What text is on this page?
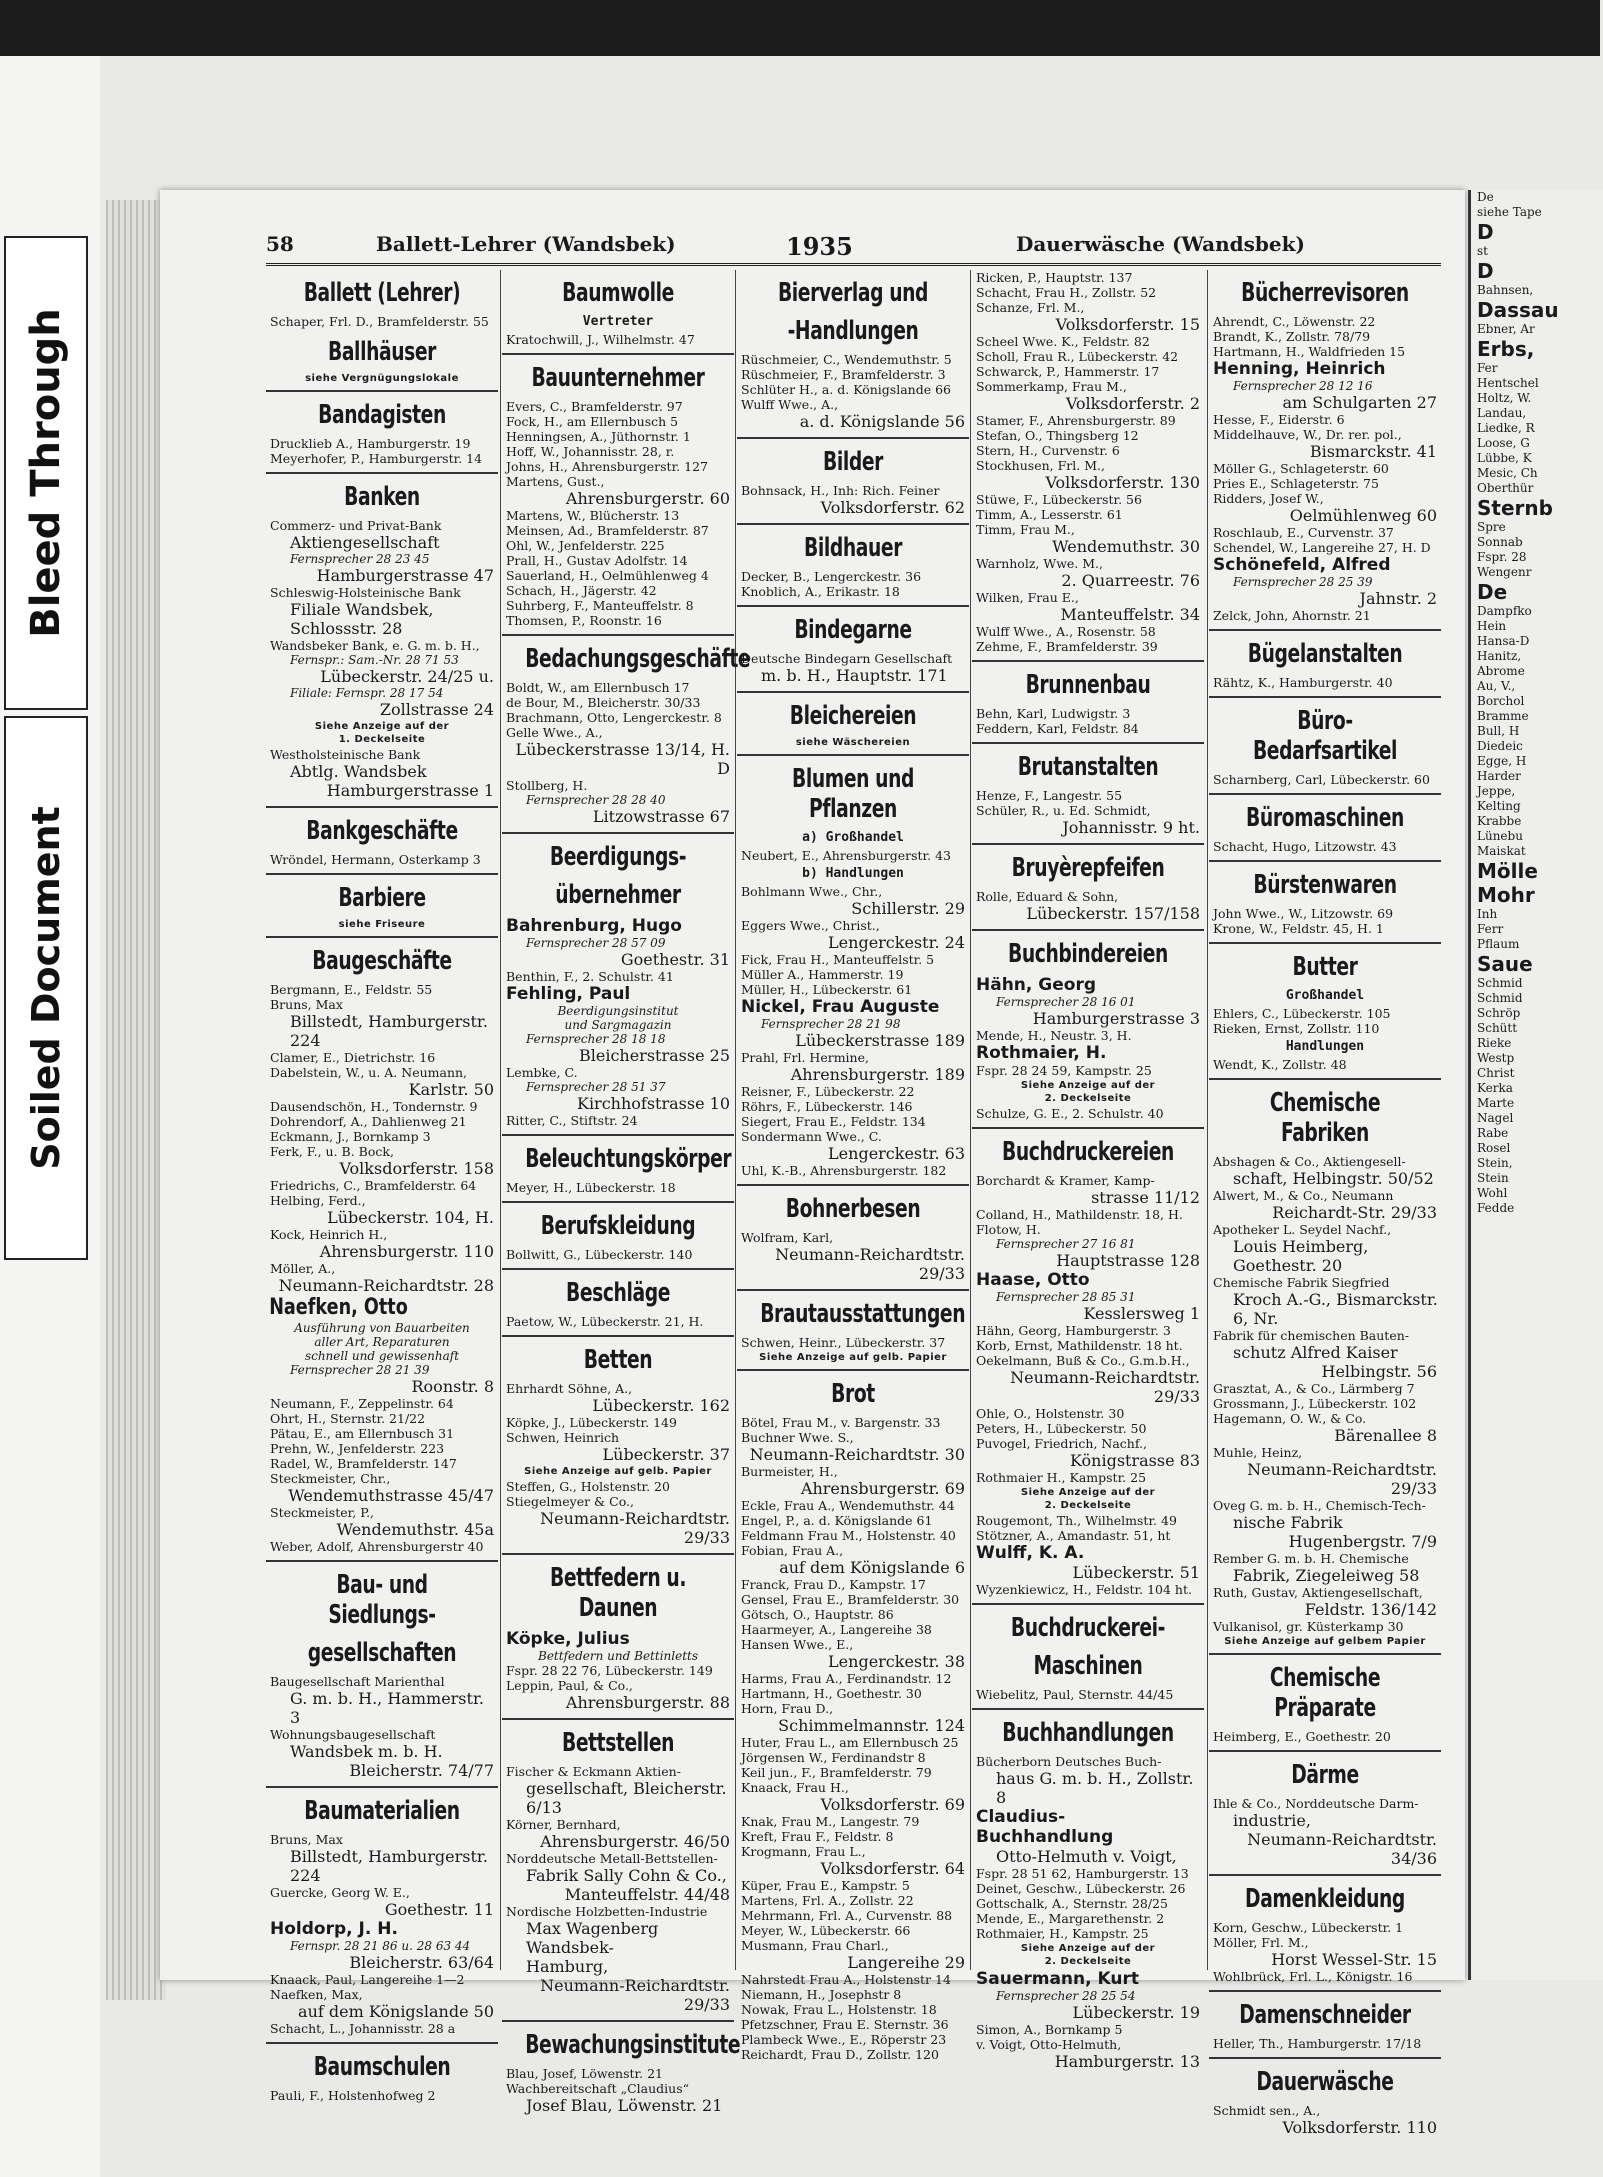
Bleed Through
Soiled Document
58	Ballett-Lehrer (Wandsbek)	1935	Dauerwäsche (Wandsbek)
Ballett (Lehrer)
Schaper, Frl. D., Bramfelderstr. 55
Ballhäuser
siehe Vergnügungslokale
Bandagisten
Drucklieb A., Hamburgerstr. 19
Meyerhofer, P., Hamburgerstr. 14
Banken
Commerz- und Privat-Bank
Aktiengesellschaft
Fernsprecher 28 23 45
Hamburgerstrasse 47
Schleswig-Holsteinische Bank
Filiale Wandsbek, Schlossstr. 28
Wandsbeker Bank, e. G. m. b. H.,
Fernspr.: Sam.-Nr. 28 71 53
Lübeckerstr. 24/25 u.
Filiale: Fernspr. 28 17 54
Zollstrasse 24
Siehe Anzeige auf der
1. Deckelseite
Westholsteinische Bank
Abtlg. Wandsbek
Hamburgerstrasse 1
Bankgeschäfte
Wröndel, Hermann, Osterkamp 3
Barbiere
siehe Friseure
Baugeschäfte
Bergmann, E., Feldstr. 55
Bruns, Max
Billstedt, Hamburgerstr. 224
Clamer, E., Dietrichstr. 16
Dabelstein, W., u. A. Neumann,
Karlstr. 50
Dausendschön, H., Tondernstr. 9
Dohrendorf, A., Dahlienweg 21
Eckmann, J., Bornkamp 3
Ferk, F., u. B. Bock,
Volksdorferstr. 158
Friedrichs, C., Bramfelderstr. 64
Helbing, Ferd.,
Lübeckerstr. 104, H.
Kock, Heinrich H.,
Ahrensburgerstr. 110
Möller, A.,
Neumann-Reichardtstr. 28
Naefken, Otto
Ausführung von Bauarbeiten
aller Art, Reparaturen
schnell und gewissenhaft
Fernsprecher 28 21 39
Roonstr. 8
Neumann, F., Zeppelinstr. 64
Ohrt, H., Sternstr. 21/22
Pätau, E., am Ellernbusch 31
Prehn, W., Jenfelderstr. 223
Radel, W., Bramfelderstr. 147
Steckmeister, Chr.,
Wendemuthstrasse 45/47
Steckmeister, P.,
Wendemuthstr. 45a
Weber, Adolf, Ahrensburgerstr 40
Bau- und Siedlungs-
gesellschaften
Baugesellschaft Marienthal
G. m. b. H., Hammerstr. 3
Wohnungsbaugesellschaft
Wandsbek m. b. H.
Bleicherstr. 74/77
Baumaterialien
Bruns, Max
Billstedt, Hamburgerstr. 224
Guercke, Georg W. E.,
Goethestr. 11
Holdorp, J. H.
Fernspr. 28 21 86 u. 28 63 44
Bleicherstr. 63/64
Knaack, Paul, Langereihe 1—2
Naefken, Max,
auf dem Königslande 50
Schacht, L., Johannisstr. 28 a
Baumschulen
Pauli, F., Holstenhofweg 2
Baumwolle
Vertreter
Kratochwill, J., Wilhelmstr. 47
Bauunternehmer
Evers, C., Bramfelderstr. 97
Fock, H., am Ellernbusch 5
Henningsen, A., Jüthornstr. 1
Hoff, W., Johannisstr. 28, r.
Johns, H., Ahrensburgerstr. 127
Martens, Gust.,
Ahrensburgerstr. 60
Martens, W., Blücherstr. 13
Meinsen, Ad., Bramfelderstr. 87
Ohl, W., Jenfelderstr. 225
Prall, H., Gustav Adolfstr. 14
Sauerland, H., Oelmühlenweg 4
Schach, H., Jägerstr. 42
Suhrberg, F., Manteuffelstr. 8
Thomsen, P., Roonstr. 16
Bedachungsgeschäfte
Boldt, W., am Ellernbusch 17
de Bour, M., Bleicherstr. 30/33
Brachmann, Otto, Lengerckestr. 8
Gelle Wwe., A.,
Lübeckerstrasse 13/14, H. D
Stollberg, H.
Fernsprecher 28 28 40
Litzowstrasse 67
Beerdigungs-
übernehmer
Bahrenburg, Hugo
Fernsprecher 28 57 09
Goethestr. 31
Benthin, F., 2. Schulstr. 41
Fehling, Paul
Beerdigungsinstitut
und Sargmagazin
Fernsprecher 28 18 18
Bleicherstrasse 25
Lembke, C.
Fernsprecher 28 51 37
Kirchhofstrasse 10
Ritter, C., Stiftstr. 24
Beleuchtungskörper
Meyer, H., Lübeckerstr. 18
Berufskleidung
Bollwitt, G., Lübeckerstr. 140
Beschläge
Paetow, W., Lübeckerstr. 21, H.
Betten
Ehrhardt Söhne, A.,
Lübeckerstr. 162
Köpke, J., Lübeckerstr. 149
Schwen, Heinrich
Lübeckerstr. 37
Siehe Anzeige auf gelb. Papier
Steffen, G., Holstenstr. 20
Stiegelmeyer & Co.,
Neumann-Reichardtstr. 29/33
Bettfedern u. Daunen
Köpke, Julius
Bettfedern und Bettinletts
Fspr. 28 22 76, Lübeckerstr. 149
Leppin, Paul, & Co.,
Ahrensburgerstr. 88
Bettstellen
Fischer & Eckmann Aktien-
gesellschaft, Bleicherstr. 6/13
Körner, Bernhard,
Ahrensburgerstr. 46/50
Norddeutsche Metall-Bettstellen-
Fabrik Sally Cohn & Co.,
Manteuffelstr. 44/48
Nordische Holzbetten-Industrie
Max Wagenberg Wandsbek-
Hamburg,
Neumann-Reichardtstr. 29/33
Bewachungsinstitute
Blau, Josef, Löwenstr. 21
Wachbereitschaft „Claudius“
Josef Blau, Löwenstr. 21
Bierverlag und
-Handlungen
Rüschmeier, C., Wendemuthstr. 5
Rüschmeier, F., Bramfelderstr. 3
Schlüter H., a. d. Königslande 66
Wulff Wwe., A.,
a. d. Königslande 56
Bilder
Bohnsack, H., Inh: Rich. Feiner
Volksdorferstr. 62
Bildhauer
Decker, B., Lengerckestr. 36
Knoblich, A., Erikastr. 18
Bindegarne
Deutsche Bindegarn Gesellschaft
m. b. H., Hauptstr. 171
Bleichereien
siehe Wäschereien
Blumen und Pflanzen
a) Großhandel
Neubert, E., Ahrensburgerstr. 43
b) Handlungen
Bohlmann Wwe., Chr.,
Schillerstr. 29
Eggers Wwe., Christ.,
Lengerckestr. 24
Fick, Frau H., Manteuffelstr. 5
Müller A., Hammerstr. 19
Müller, H., Lübeckerstr. 61
Nickel, Frau Auguste
Fernsprecher 28 21 98
Lübeckerstrasse 189
Prahl, Frl. Hermine,
Ahrensburgerstr. 189
Reisner, F., Lübeckerstr. 22
Röhrs, F., Lübeckerstr. 146
Siegert, Frau E., Feldstr. 134
Sondermann Wwe., C.
Lengerckestr. 63
Uhl, K.-B., Ahrensburgerstr. 182
Bohnerbesen
Wolfram, Karl,
Neumann-Reichardtstr. 29/33
Brautausstattungen
Schwen, Heinr., Lübeckerstr. 37
Siehe Anzeige auf gelb. Papier
Brot
Bötel, Frau M., v. Bargenstr. 33
Buchner Wwe. S.,
Neumann-Reichardtstr. 30
Burmeister, H.,
Ahrensburgerstr. 69
Eckle, Frau A., Wendemuthstr. 44
Engel, P., a. d. Königslande 61
Feldmann Frau M., Holstenstr. 40
Fobian, Frau A.,
auf dem Königslande 6
Franck, Frau D., Kampstr. 17
Gensel, Frau E., Bramfelderstr. 30
Götsch, O., Hauptstr. 86
Haarmeyer, A., Langereihe 38
Hansen Wwe., E.,
Lengerckestr. 38
Harms, Frau A., Ferdinandstr. 12
Hartmann, H., Goethestr. 30
Horn, Frau D.,
Schimmelmannstr. 124
Huter, Frau L., am Ellernbusch 25
Jörgensen W., Ferdinandstr 8
Keil jun., F., Bramfelderstr. 79
Knaack, Frau H.,
Volksdorferstr. 69
Knak, Frau M., Langestr. 79
Kreft, Frau F., Feldstr. 8
Krogmann, Frau L.,
Volksdorferstr. 64
Küper, Frau E., Kampstr. 5
Martens, Frl. A., Zollstr. 22
Mehrmann, Frl. A., Curvenstr. 88
Meyer, W., Lübeckerstr. 66
Musmann, Frau Charl.,
Langereihe 29
Nahrstedt Frau A., Holstenstr 14
Niemann, H., Josephstr 8
Nowak, Frau L., Holstenstr. 18
Pfetzschner, Frau E. Sternstr. 36
Plambeck Wwe., E., Röperstr 23
Reichardt, Frau D., Zollstr. 120
Ricken, P., Hauptstr. 137
Schacht, Frau H., Zollstr. 52
Schanze, Frl. M.,
Volksdorferstr. 15
Scheel Wwe. K., Feldstr. 82
Scholl, Frau R., Lübeckerstr. 42
Schwarck, P., Hammerstr. 17
Sommerkamp, Frau M.,
Volksdorferstr. 2
Stamer, F., Ahrensburgerstr. 89
Stefan, O., Thingsberg 12
Stern, H., Curvenstr. 6
Stockhusen, Frl. M.,
Volksdorferstr. 130
Stüwe, F., Lübeckerstr. 56
Timm, A., Lesserstr. 61
Timm, Frau M.,
Wendemuthstr. 30
Warnholz, Wwe. M.,
2. Quarreestr. 76
Wilken, Frau E.,
Manteuffelstr. 34
Wulff Wwe., A., Rosenstr. 58
Zehme, F., Bramfelderstr. 39
Brunnenbau
Behn, Karl, Ludwigstr. 3
Feddern, Karl, Feldstr. 84
Brutanstalten
Henze, F., Langestr. 55
Schüler, R., u. Ed. Schmidt,
Johannisstr. 9 ht.
Bruyèrepfeifen
Rolle, Eduard & Sohn,
Lübeckerstr. 157/158
Buchbindereien
Hähn, Georg
Fernsprecher 28 16 01
Hamburgerstrasse 3
Mende, H., Neustr. 3, H.
Rothmaier, H.
Fspr. 28 24 59, Kampstr. 25
Siehe Anzeige auf der
2. Deckelseite
Schulze, G. E., 2. Schulstr. 40
Buchdruckereien
Borchardt & Kramer, Kamp-
strasse 11/12
Colland, H., Mathildenstr. 18, H.
Flotow, H.
Fernsprecher 27 16 81
Hauptstrasse 128
Haase, Otto
Fernsprecher 28 85 31
Kesslersweg 1
Hähn, Georg, Hamburgerstr. 3
Korb, Ernst, Mathildenstr. 18 ht.
Oekelmann, Buß & Co., G.m.b.H.,
Neumann-Reichardtstr. 29/33
Ohle, O., Holstenstr. 30
Peters, H., Lübeckerstr. 50
Puvogel, Friedrich, Nachf.,
Königstrasse 83
Rothmaier H., Kampstr. 25
Siehe Anzeige auf der
2. Deckelseite
Rougemont, Th., Wilhelmstr. 49
Stötzner, A., Amandastr. 51, ht
Wulff, K. A.
Lübeckerstr. 51
Wyzenkiewicz, H., Feldstr. 104 ht.
Buchdruckerei-
Maschinen
Wiebelitz, Paul, Sternstr. 44/45
Buchhandlungen
Bücherborn Deutsches Buch-
haus G. m. b. H., Zollstr. 8
Claudius-
Buchhandlung
Otto-Helmuth v. Voigt,
Fspr. 28 51 62, Hamburgerstr. 13
Deinet, Geschw., Lübeckerstr. 26
Gottschalk, A., Sternstr. 28/25
Mende, E., Margarethenstr. 2
Rothmaier, H., Kampstr. 25
Siehe Anzeige auf der
2. Deckelseite
Sauermann, Kurt
Fernsprecher 28 25 54
Lübeckerstr. 19
Simon, A., Bornkamp 5
v. Voigt, Otto-Helmuth,
Hamburgerstr. 13
Bücherrevisoren
Ahrendt, C., Löwenstr. 22
Brandt, K., Zollstr. 78/79
Hartmann, H., Waldfrieden 15
Henning, Heinrich
Fernsprecher 28 12 16
am Schulgarten 27
Hesse, F., Eiderstr. 6
Middelhauve, W., Dr. rer. pol.,
Bismarckstr. 41
Möller G., Schlageterstr. 60
Pries E., Schlageterstr. 75
Ridders, Josef W.,
Oelmühlenweg 60
Roschlaub, E., Curvenstr. 37
Schendel, W., Langereihe 27, H. D
Schönefeld, Alfred
Fernsprecher 28 25 39
Jahnstr. 2
Zelck, John, Ahornstr. 21
Bügelanstalten
Rähtz, K., Hamburgerstr. 40
Büro-Bedarfsartikel
Scharnberg, Carl, Lübeckerstr. 60
Büromaschinen
Schacht, Hugo, Litzowstr. 43
Bürstenwaren
John Wwe., W., Litzowstr. 69
Krone, W., Feldstr. 45, H. 1
Butter
Großhandel
Ehlers, C., Lübeckerstr. 105
Rieken, Ernst, Zollstr. 110
Handlungen
Wendt, K., Zollstr. 48
Chemische Fabriken
Abshagen & Co., Aktiengesell-
schaft, Helbingstr. 50/52
Alwert, M., & Co., Neumann
Reichardt-Str. 29/33
Apotheker L. Seydel Nachf.,
Louis Heimberg, Goethestr. 20
Chemische Fabrik Siegfried
Kroch A.-G., Bismarckstr. 6, Nr.
Fabrik für chemischen Bauten-
schutz Alfred Kaiser
Helbingstr. 56
Grasztat, A., & Co., Lärmberg 7
Grossmann, J., Lübeckerstr. 102
Hagemann, O. W., & Co.
Bärenallee 8
Muhle, Heinz,
Neumann-Reichardtstr. 29/33
Oveg G. m. b. H., Chemisch-Tech-
nische Fabrik
Hugenbergstr. 7/9
Rember G. m. b. H. Chemische
Fabrik, Ziegeleiweg 58
Ruth, Gustav, Aktiengesellschaft,
Feldstr. 136/142
Vulkanisol, gr. Küsterkamp 30
Siehe Anzeige auf gelbem Papier
Chemische Präparate
Heimberg, E., Goethestr. 20
Därme
Ihle & Co., Norddeutsche Darm-
industrie,
Neumann-Reichardtstr. 34/36
Damenkleidung
Korn, Geschw., Lübeckerstr. 1
Möller, Frl. M.,
Horst Wessel-Str. 15
Wohlbrück, Frl. L., Königstr. 16
Damenschneider
Heller, Th., Hamburgerstr. 17/18
Dauerwäsche
Schmidt sen., A.,
Volksdorferstr. 110
De
siehe Tape
D
st
D
Bahnsen,
Dassau
Ebner, Ar
Erbs,
Fer
Hentschel
Holtz, W.
Landau,
Liedke, R
Loose, G
Lübbe, K
Mesic, Ch
Oberthür
Sternb
Spre
Sonnab
Fspr. 28
Wengenr
De
Dampfko
Hein
Hansa-D
Hanitz,
Abrome
Au, V.,
Borchol
Bramme
Bull, H
Diedeic
Egge, H
Harder
Jeppe,
Kelting
Krabbe
Lünebu
Maiskat
Mölle
Mohr
Inh
Ferr
Pflaum
Saue
Schmid
Schmid
Schröp
Schütt
Rieke
Westp
Christ
Kerka
Marte
Nagel
Rabe
Rosel
Stein,
Stein
Wohl
Fedde
